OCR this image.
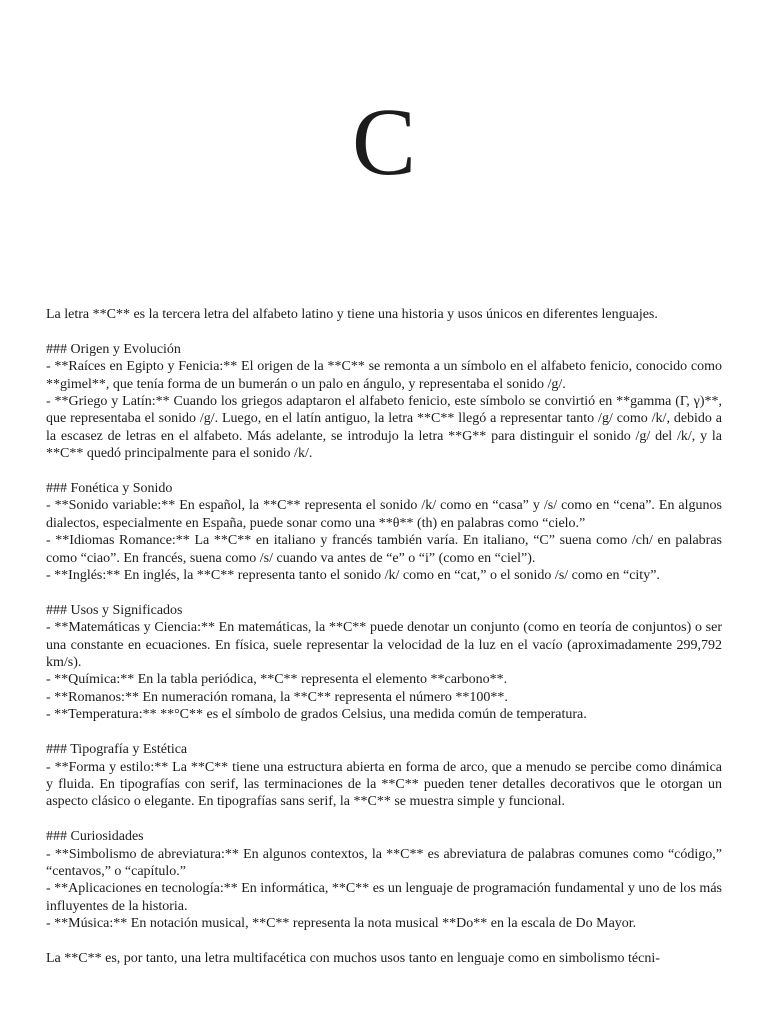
C

La letra **C** es la tercera letra del alfabeto latino y tiene una historia y usos únicos en diferentes lenguajes.

### Origen y Evolución

- **Raíces en Egipto y Fenicia:** El origen de la **C** se remonta a un símbolo en el alfabeto fenicio, conocido como **gimel**, que tenía forma de un bumerán o un palo en ángulo, y representaba el sonido /g/.

- **Griego y Latín:** Cuando los griegos adaptaron el alfabeto fenicio, este símbolo se convirtió en **gamma (Γ, γ)**, que representaba el sonido /g/. Luego, en el latín antiguo, la letra **C** llegó a representar tanto /g/ como /k/, debido a la escasez de letras en el alfabeto. Más adelante, se introdujo la letra **G** para distinguir el sonido /g/ del /k/, y la **C** quedó principalmente para el sonido /k/.

### Fonética y Sonido

- **Sonido variable:** En español, la **C** representa el sonido /k/ como en “casa” y /s/ como en “cena”. En algunos dialectos, especialmente en España, puede sonar como una **θ** (th) en palabras como “cielo.”

- **Idiomas Romance:** La **C** en italiano y francés también varía. En italiano, “C” suena como /ch/ en palabras como “ciao”. En francés, suena como /s/ cuando va antes de “e” o “i” (como en “ciel”).

- **Inglés:** En inglés, la **C** representa tanto el sonido /k/ como en “cat,” o el sonido /s/ como en “city”.

### Usos y Significados

- **Matemáticas y Ciencia:** En matemáticas, la **C** puede denotar un conjunto (como en teoría de conjuntos) o ser una constante en ecuaciones. En física, suele representar la velocidad de la luz en el vacío (aproximadamente 299,792 km/s).

- **Química:** En la tabla periódica, **C** representa el elemento **carbono**.

- **Romanos:** En numeración romana, la **C** representa el número **100**.

- **Temperatura:** **°C** es el símbolo de grados Celsius, una medida común de temperatura.

### Tipografía y Estética

- **Forma y estilo:** La **C** tiene una estructura abierta en forma de arco, que a menudo se percibe como dinámica y fluida. En tipografías con serif, las terminaciones de la **C** pueden tener detalles decorativos que le otorgan un aspecto clásico o elegante. En tipografías sans serif, la **C** se muestra simple y funcional.

### Curiosidades

- **Simbolismo de abreviatura:** En algunos contextos, la **C** es abreviatura de palabras comunes como “código,” “centavos,” o “capítulo.”

- **Aplicaciones en tecnología:** En informática, **C** es un lenguaje de programación fundamental y uno de los más influyentes de la historia.

- **Música:** En notación musical, **C** representa la nota musical **Do** en la escala de Do Mayor.

La **C** es, por tanto, una letra multifacética con muchos usos tanto en lenguaje como en simbolismo técni-
